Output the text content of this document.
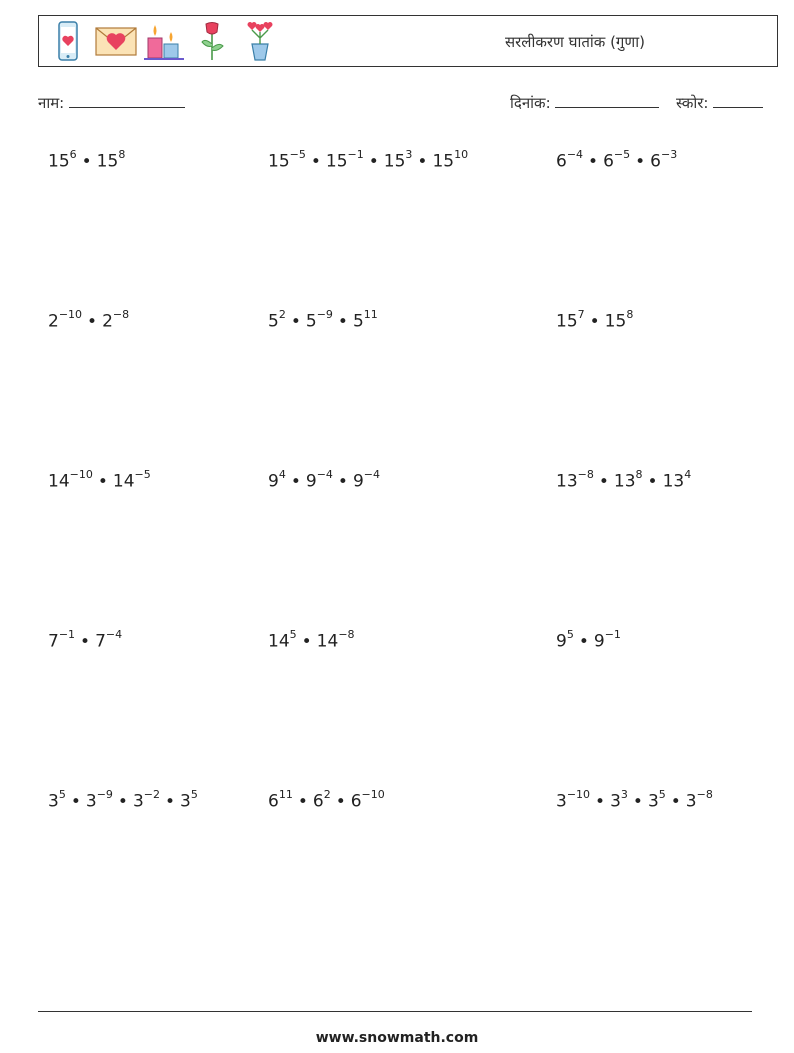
सरलीकरण घातांक (गुणा)
नाम:	दिनांक:	स्कोर:
$15^6$ • $15^8$	$15^{-5}$ • $15^{-1}$ • $15^3$ • $15^{10}$	$6^{-4}$ • $6^{-5}$ • $6^{-3}$
$2^{-10}$ • $2^{-8}$	$5^2$ • $5^{-9}$ • $5^{11}$	$15^7$ • $15^8$
$14^{-10}$ • $14^{-5}$	$9^4$ • $9^{-4}$ • $9^{-4}$	$13^{-8}$ • $13^8$ • $13^4$
$7^{-1}$ • $7^{-4}$	$14^5$ • $14^{-8}$	$9^5$ • $9^{-1}$
$3^5$ • $3^{-9}$ • $3^{-2}$ • $3^5$	$6^{11}$ • $6^2$ • $6^{-10}$	$3^{-10}$ • $3^3$ • $3^5$ • $3^{-8}$
www.snowmath.com
